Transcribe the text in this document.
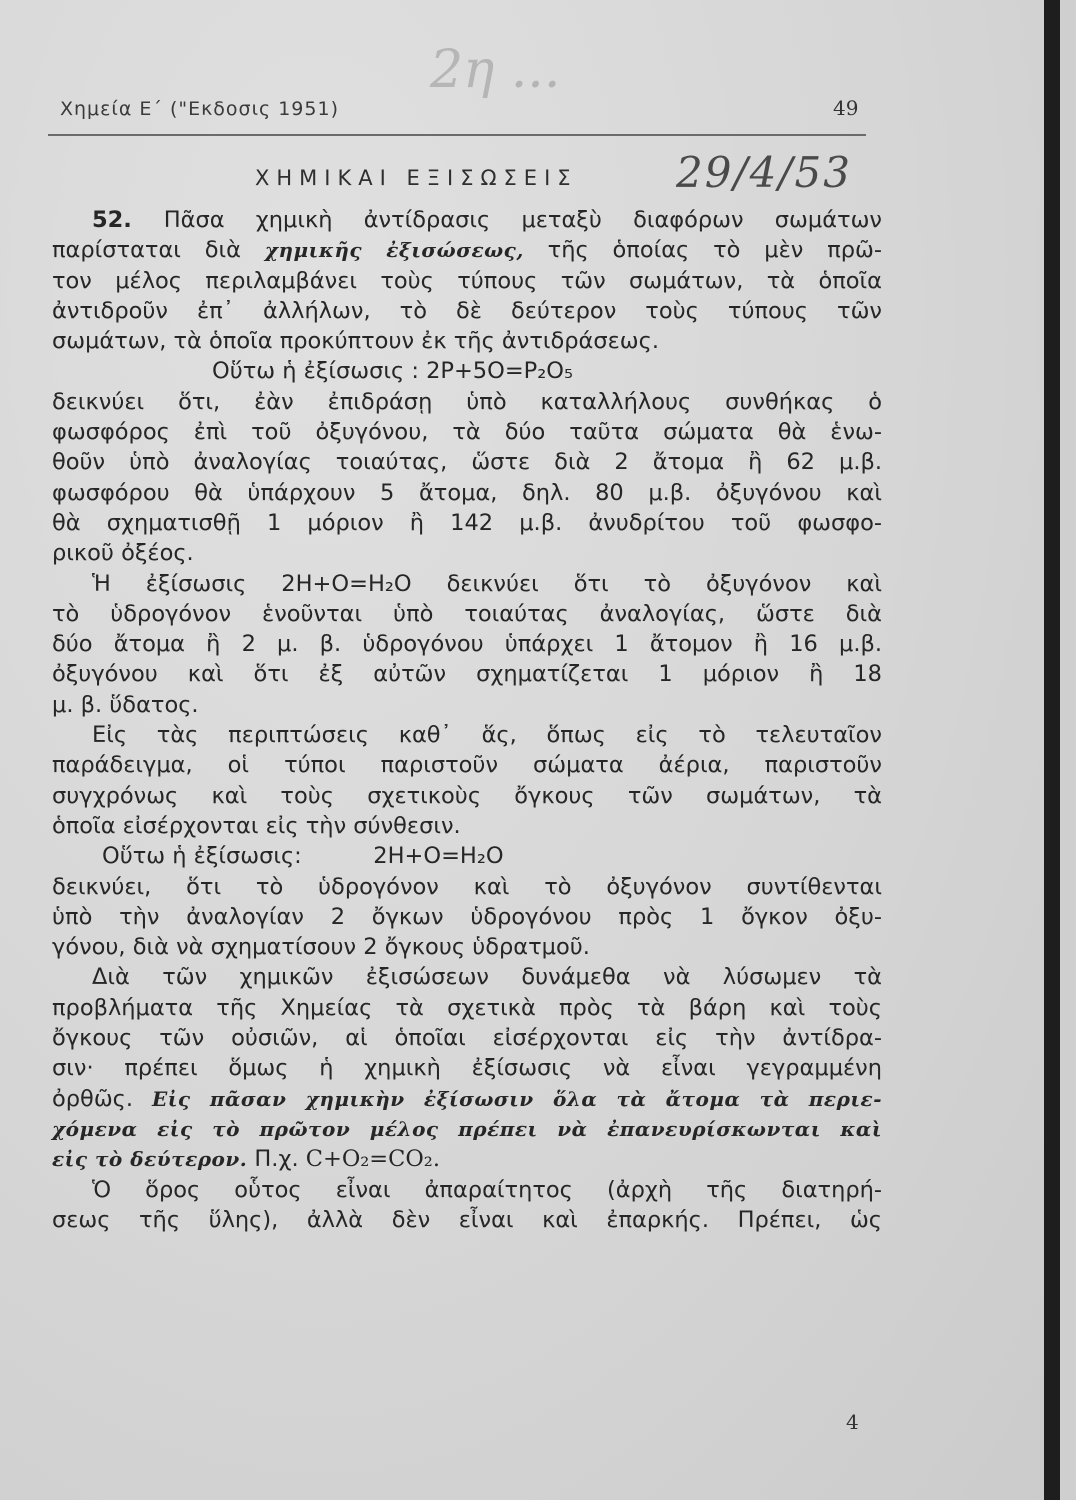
2η ...
Χημεία Ε΄ ("Εκδοσις 1951)	49
ΧΗΜΙΚΑΙ ΕΞΙΣΩΣΕΙΣ 29/4/53
52. Πᾶσα χημικὴ ἀντίδρασις μεταξὺ διαφόρων σωμάτων
παρίσταται διὰ χημικῆς ἐξισώσεως, τῆς ὁποίας τὸ μὲν πρῶ-
τον μέλος περιλαμβάνει τοὺς τύπους τῶν σωμάτων, τὰ ὁποῖα
ἀντιδροῦν ἐπ᾿ ἀλλήλων, τὸ δὲ δεύτερον τοὺς τύπους τῶν
σωμάτων, τὰ ὁποῖα προκύπτουν ἐκ τῆς ἀντιδράσεως.
Οὕτω ἡ ἐξίσωσις : 2P+5O=P₂O₅
δεικνύει ὅτι, ἐὰν ἐπιδράσῃ ὑπὸ καταλλήλους συνθήκας ὁ
φωσφόρος ἐπὶ τοῦ ὀξυγόνου, τὰ δύο ταῦτα σώματα θὰ ἑνω-
θοῦν ὑπὸ ἀναλογίας τοιαύτας, ὥστε διὰ 2 ἄτομα ἢ 62 μ.β.
φωσφόρου θὰ ὑπάρχουν 5 ἄτομα, δηλ. 80 μ.β. ὀξυγόνου καὶ
θὰ σχηματισθῇ 1 μόριον ἢ 142 μ.β. ἀνυδρίτου τοῦ φωσφο-
ρικοῦ ὀξέος.
Ἡ ἐξίσωσις 2H+O=H₂O δεικνύει ὅτι τὸ ὀξυγόνον καὶ
τὸ ὑδρογόνον ἑνοῦνται ὑπὸ τοιαύτας ἀναλογίας, ὥστε διὰ
δύο ἄτομα ἢ 2 μ. β. ὑδρογόνου ὑπάρχει 1 ἄτομον ἢ 16 μ.β.
ὀξυγόνου καὶ ὅτι ἐξ αὐτῶν σχηματίζεται 1 μόριον ἢ 18
μ. β. ὕδατος.
Εἰς τὰς περιπτώσεις καθ᾿ ἅς, ὅπως εἰς τὸ τελευταῖον
παράδειγμα, οἱ τύποι παριστοῦν σώματα ἀέρια, παριστοῦν
συγχρόνως καὶ τοὺς σχετικοὺς ὄγκους τῶν σωμάτων, τὰ
ὁποῖα εἰσέρχονται εἰς τὴν σύνθεσιν.
Οὕτω ἡ ἐξίσωσις:          2H+O=H₂O
δεικνύει, ὅτι τὸ ὑδρογόνον καὶ τὸ ὀξυγόνον συντίθενται
ὑπὸ τὴν ἀναλογίαν 2 ὄγκων ὑδρογόνου πρὸς 1 ὄγκον ὀξυ-
γόνου, διὰ νὰ σχηματίσουν 2 ὄγκους ὑδρατμοῦ.
Διὰ τῶν χημικῶν ἐξισώσεων δυνάμεθα νὰ λύσωμεν τὰ
προβλήματα τῆς Χημείας τὰ σχετικὰ πρὸς τὰ βάρη καὶ τοὺς
ὄγκους τῶν οὐσιῶν, αἱ ὁποῖαι εἰσέρχονται εἰς τὴν ἀντίδρα-
σιν· πρέπει ὅμως ἡ χημικὴ ἐξίσωσις νὰ εἶναι γεγραμμένη
ὀρθῶς. Εἰς πᾶσαν χημικὴν ἐξίσωσιν ὅλα τὰ ἄτομα τὰ περιε-
χόμενα εἰς τὸ πρῶτον μέλος πρέπει νὰ ἐπανευρίσκωνται καὶ
εἰς τὸ δεύτερον. Π.χ. C+O₂=CO₂.
Ὁ ὅρος οὗτος εἶναι ἀπαραίτητος (ἀρχὴ τῆς διατηρή-
σεως τῆς ὕλης), ἀλλὰ δὲν εἶναι καὶ ἐπαρκής. Πρέπει, ὡς
4
